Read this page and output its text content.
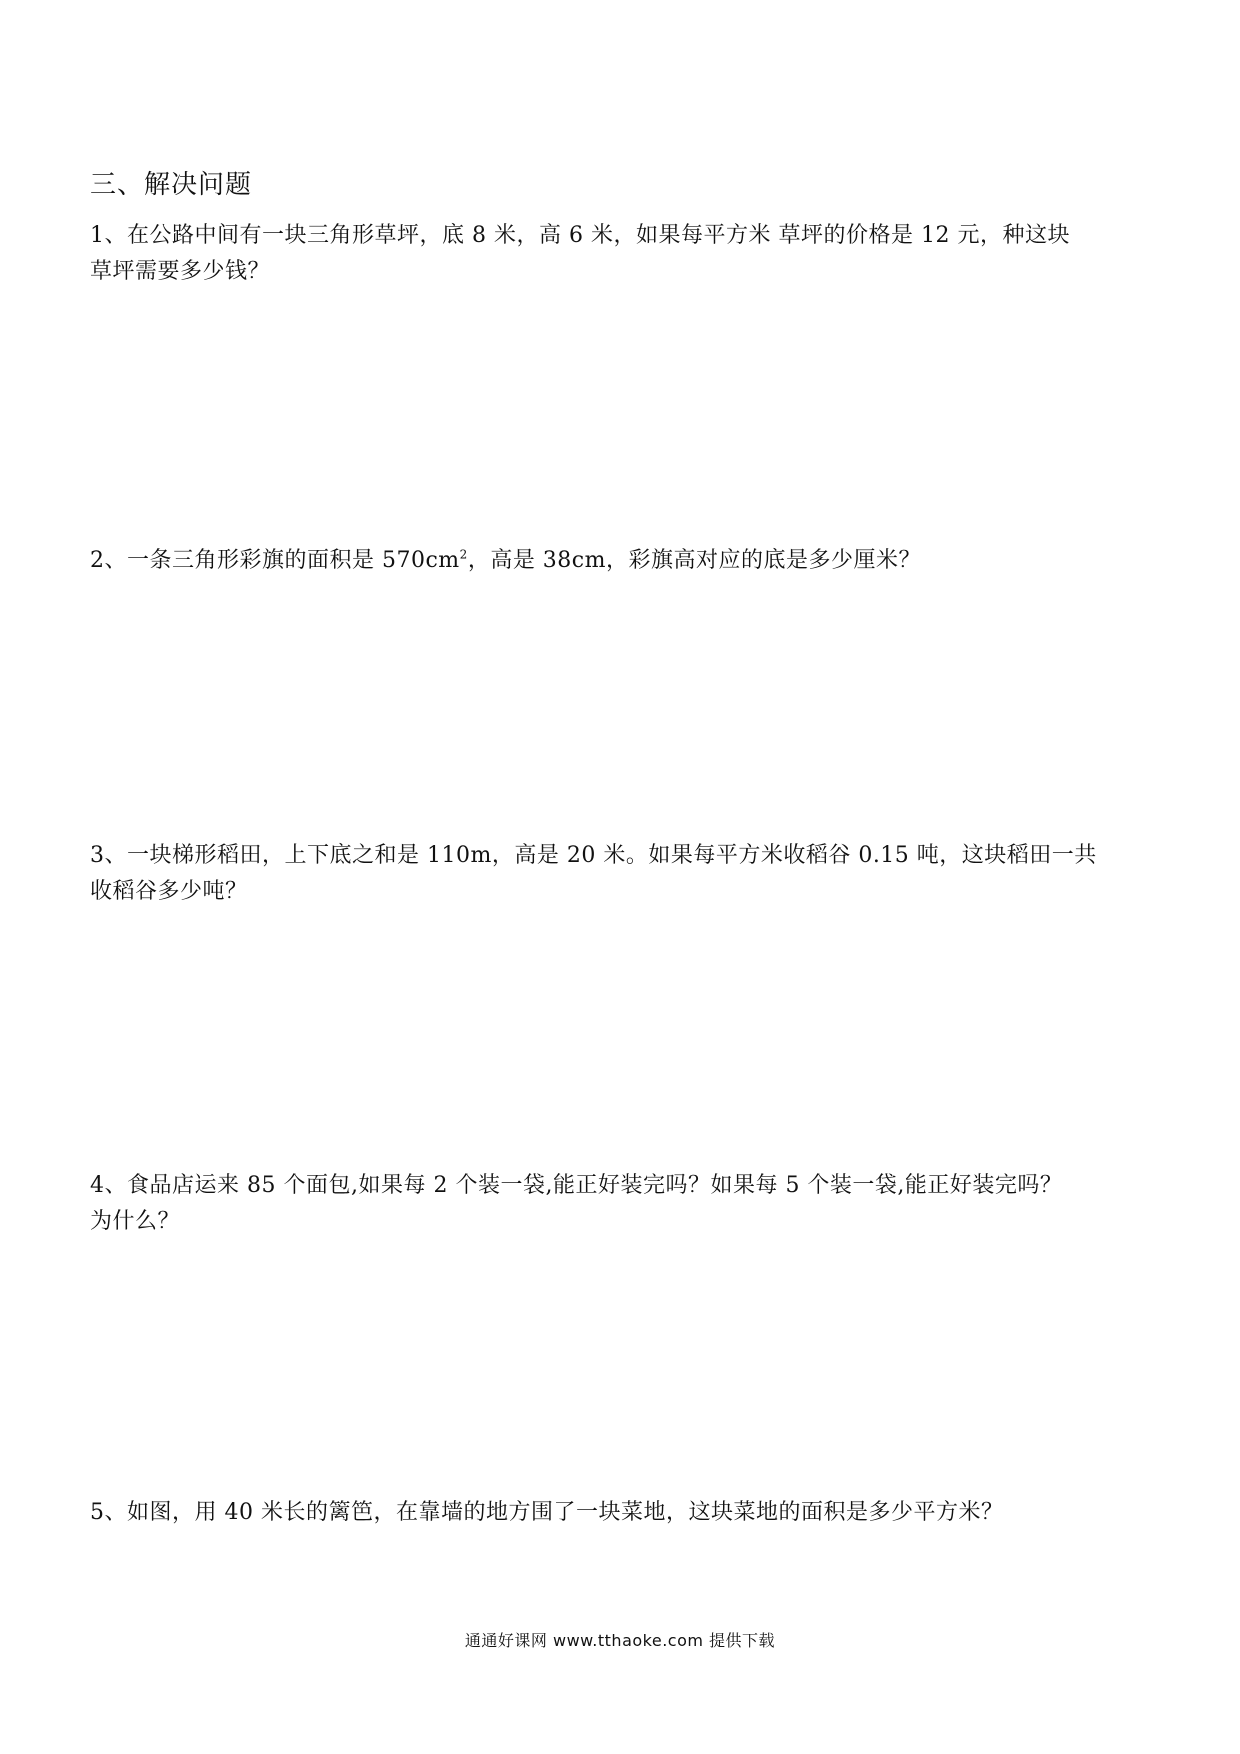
三、解决问题

1、在公路中间有一块三角形草坪，底 8 米，高 6 米，如果每平方米 草坪的价格是 12 元，种这块

草坪需要多少钱？

2、一条三角形彩旗的面积是 $570cm^2$，高是 38cm，彩旗高对应的底是多少厘米？

3、一块梯形稻田，上下底之和是 110m，高是 20 米。如果每平方米收稻谷 0.15 吨，这块稻田一共

收稻谷多少吨？

4、食品店运来 85 个面包,如果每 2 个装一袋,能正好装完吗？如果每 5 个装一袋,能正好装完吗？

为什么？

5、如图，用 40 米长的篱笆，在靠墙的地方围了一块菜地，这块菜地的面积是多少平方米？

通通好课网 www.tthaoke.com 提供下载
